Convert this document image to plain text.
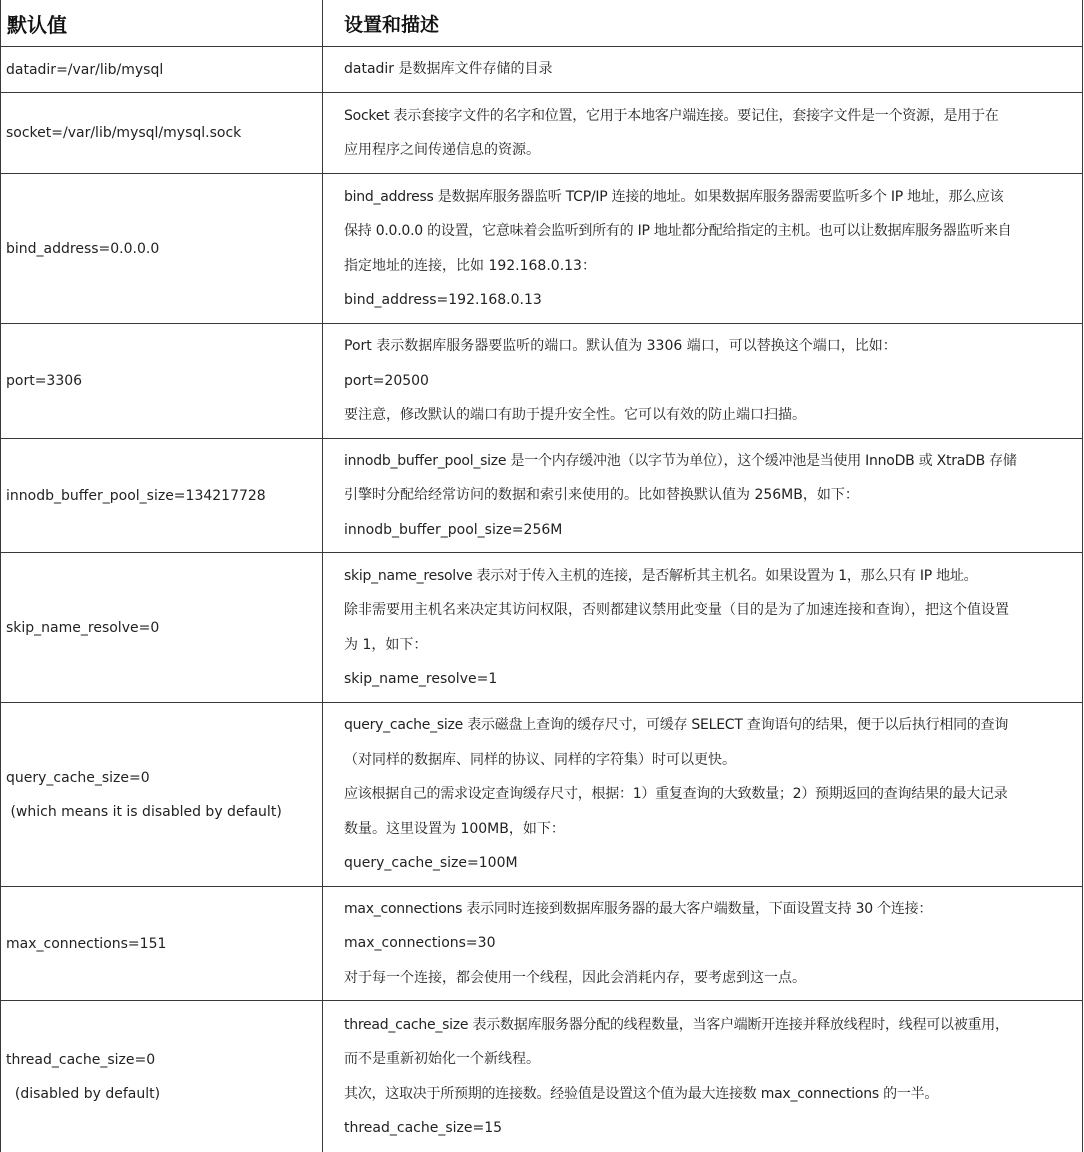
默认值	设置和描述
datadir=/var/lib/mysql	datadir 是数据库文件存储的目录
socket=/var/lib/mysql/mysql.sock
Socket 表示套接字文件的名字和位置，它用于本地客户端连接。要记住，套接字文件是一个资源，是用于在
应用程序之间传递信息的资源。
bind_address=0.0.0.0
bind_address 是数据库服务器监听 TCP/IP 连接的地址。如果数据库服务器需要监听多个 IP 地址，那么应该
保持 0.0.0.0 的设置，它意味着会监听到所有的 IP 地址都分配给指定的主机。也可以让数据库服务器监听来自
指定地址的连接，比如 192.168.0.13：
bind_address=192.168.0.13
port=3306
Port 表示数据库服务器要监听的端口。默认值为 3306 端口，可以替换这个端口，比如：
port=20500
要注意，修改默认的端口有助于提升安全性。它可以有效的防止端口扫描。
innodb_buffer_pool_size=134217728
innodb_buffer_pool_size 是一个内存缓冲池（以字节为单位），这个缓冲池是当使用 InnoDB 或 XtraDB 存储
引擎时分配给经常访问的数据和索引来使用的。比如替换默认值为 256MB，如下：
innodb_buffer_pool_size=256M
skip_name_resolve=0
skip_name_resolve 表示对于传入主机的连接，是否解析其主机名。如果设置为 1，那么只有 IP 地址。
除非需要用主机名来决定其访问权限，否则都建议禁用此变量（目的是为了加速连接和查询），把这个值设置
为 1，如下：
skip_name_resolve=1
query_cache_size=0
(which means it is disabled by default)
query_cache_size 表示磁盘上查询的缓存尺寸，可缓存 SELECT 查询语句的结果，便于以后执行相同的查询
（对同样的数据库、同样的协议、同样的字符集）时可以更快。
应该根据自己的需求设定查询缓存尺寸，根据：1）重复查询的大致数量；2）预期返回的查询结果的最大记录
数量。这里设置为 100MB，如下：
query_cache_size=100M
max_connections=151
max_connections 表示同时连接到数据库服务器的最大客户端数量，下面设置支持 30 个连接：
max_connections=30
对于每一个连接，都会使用一个线程，因此会消耗内存，要考虑到这一点。
thread_cache_size=0
(disabled by default)
thread_cache_size 表示数据库服务器分配的线程数量，当客户端断开连接并释放线程时，线程可以被重用，
而不是重新初始化一个新线程。
其次，这取决于所预期的连接数。经验值是设置这个值为最大连接数 max_connections 的一半。
thread_cache_size=15
